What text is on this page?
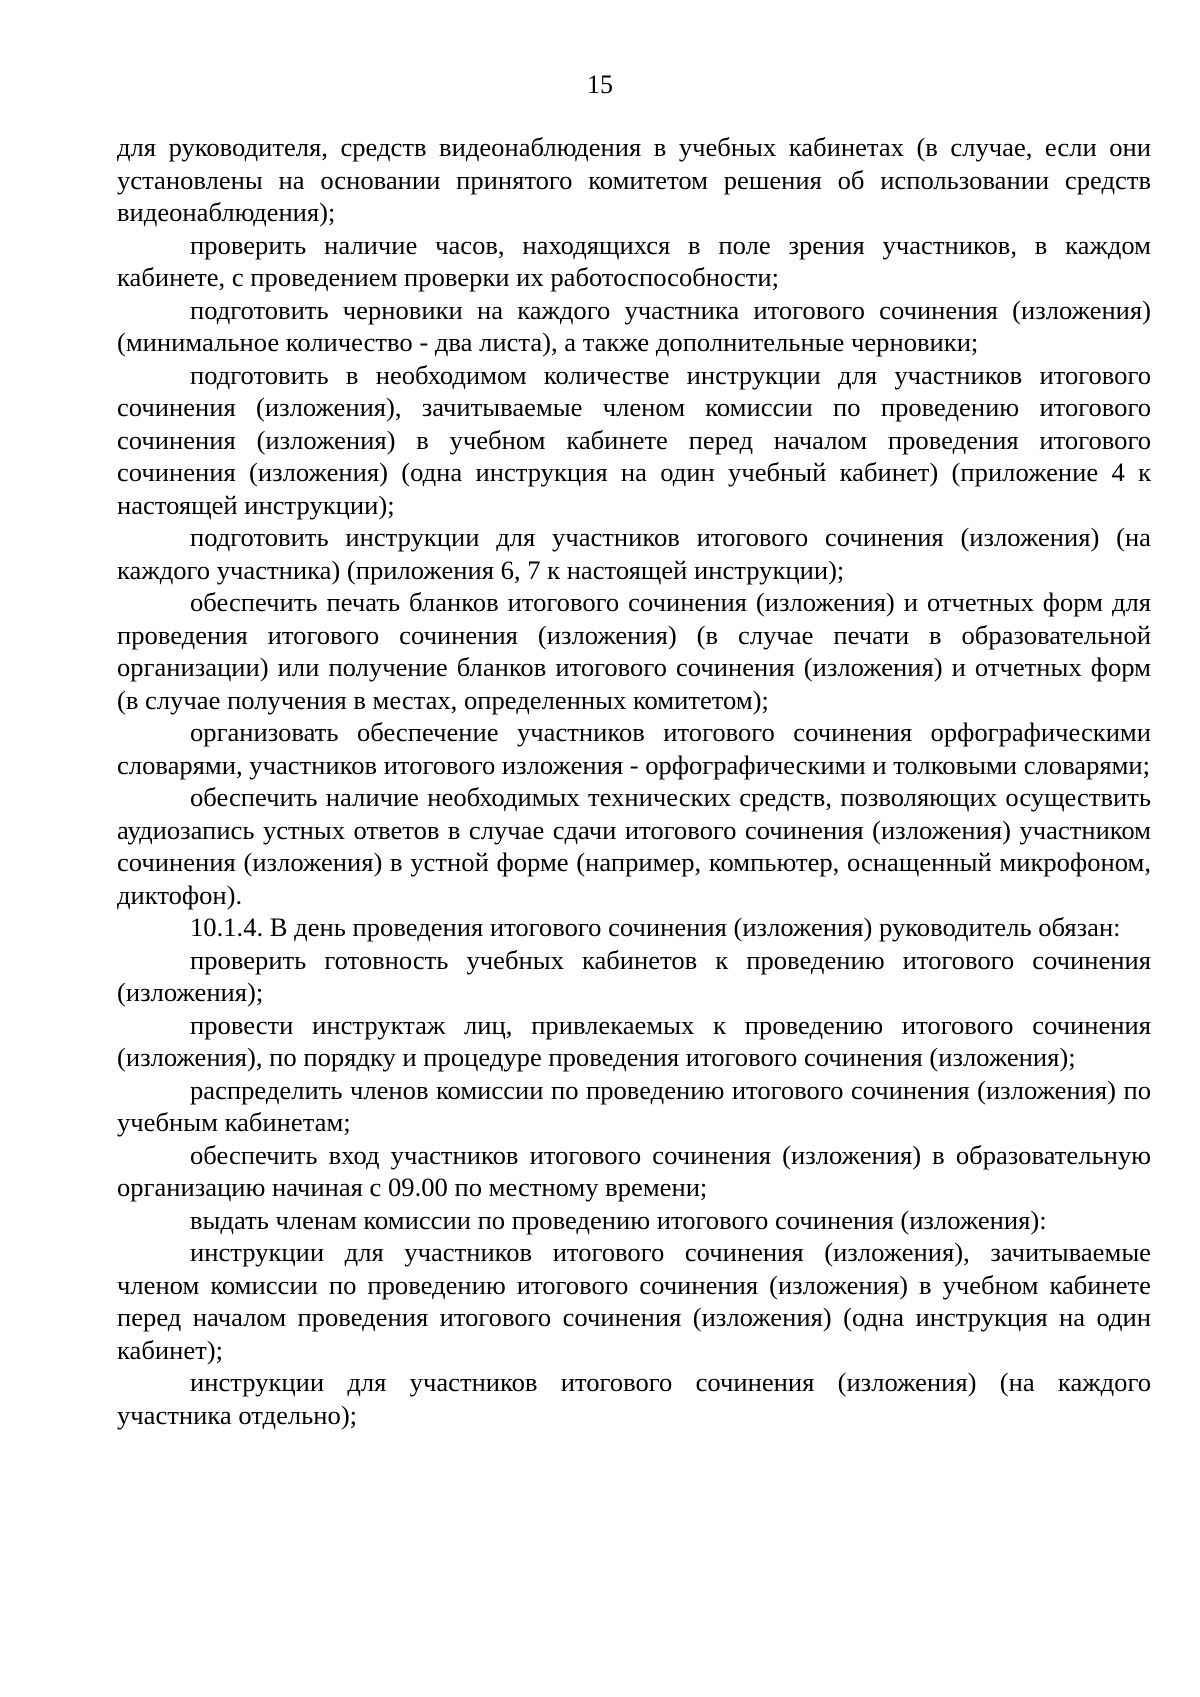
15

для руководителя, средств видеонаблюдения в учебных кабинетах (в случае, если они установлены на основании принятого комитетом решения об использовании средств видеонаблюдения);

проверить наличие часов, находящихся в поле зрения участников, в каждом кабинете, с проведением проверки их работоспособности;

подготовить черновики на каждого участника итогового сочинения (изложения) (минимальное количество - два листа), а также дополнительные черновики;

подготовить в необходимом количестве инструкции для участников итогового сочинения (изложения), зачитываемые членом комиссии по проведению итогового сочинения (изложения) в учебном кабинете перед началом проведения итогового сочинения (изложения) (одна инструкция на один учебный кабинет) (приложение 4 к настоящей инструкции);

подготовить инструкции для участников итогового сочинения (изложения) (на каждого участника) (приложения 6, 7 к настоящей инструкции);

обеспечить печать бланков итогового сочинения (изложения) и отчетных форм для проведения итогового сочинения (изложения) (в случае печати в образовательной организации) или получение бланков итогового сочинения (изложения) и отчетных форм (в случае получения в местах, определенных комитетом);

организовать обеспечение участников итогового сочинения орфографическими словарями, участников итогового изложения - орфографическими и толковыми словарями;

обеспечить наличие необходимых технических средств, позволяющих осуществить аудиозапись устных ответов в случае сдачи итогового сочинения (изложения) участником сочинения (изложения) в устной форме (например, компьютер, оснащенный микрофоном, диктофон).

10.1.4. В день проведения итогового сочинения (изложения) руководитель обязан:

проверить готовность учебных кабинетов к проведению итогового сочинения (изложения);

провести инструктаж лиц, привлекаемых к проведению итогового сочинения (изложения), по порядку и процедуре проведения итогового сочинения (изложения);

распределить членов комиссии по проведению итогового сочинения (изложения) по учебным кабинетам;

обеспечить вход участников итогового сочинения (изложения) в образовательную организацию начиная с 09.00 по местному времени;

выдать членам комиссии по проведению итогового сочинения (изложения):

инструкции для участников итогового сочинения (изложения), зачитываемые членом комиссии по проведению итогового сочинения (изложения) в учебном кабинете перед началом проведения итогового сочинения (изложения) (одна инструкция на один кабинет);

инструкции для участников итогового сочинения (изложения) (на каждого участника отдельно);
